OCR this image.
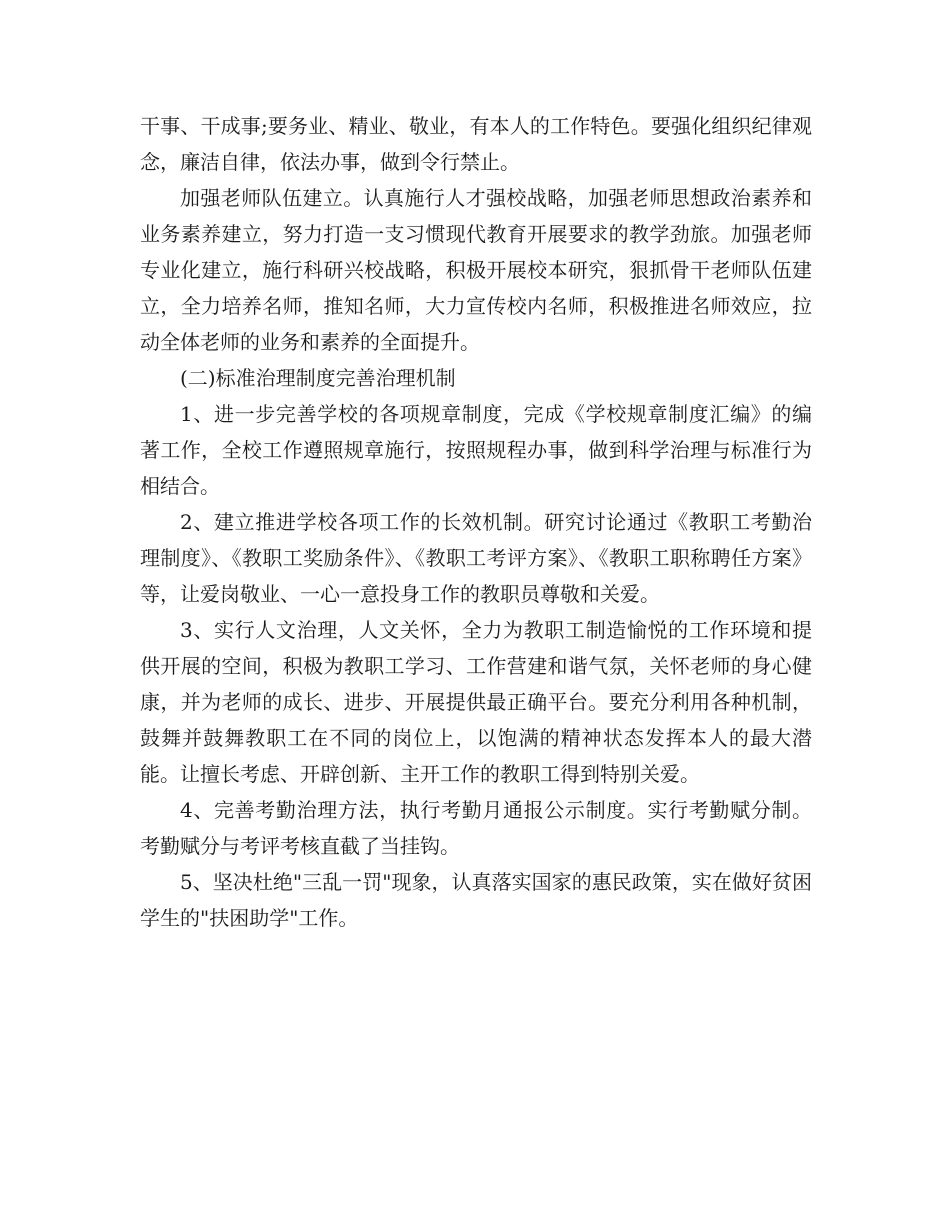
干事、干成事;要务业、精业、敬业，有本人的工作特色。要强化组织纪律观念，廉洁自律，依法办事，做到令行禁止。

加强老师队伍建立。认真施行人才强校战略，加强老师思想政治素养和业务素养建立，努力打造一支习惯现代教育开展要求的教学劲旅。加强老师专业化建立，施行科研兴校战略，积极开展校本研究，狠抓骨干老师队伍建立，全力培养名师，推知名师，大力宣传校内名师，积极推进名师效应，拉动全体老师的业务和素养的全面提升。

(二)标准治理制度完善治理机制

1、进一步完善学校的各项规章制度，完成《学校规章制度汇编》的编著工作，全校工作遵照规章施行，按照规程办事，做到科学治理与标准行为相结合。

2、建立推进学校各项工作的长效机制。研究讨论通过《教职工考勤治理制度》、《教职工奖励条件》、《教职工考评方案》、《教职工职称聘任方案》等，让爱岗敬业、一心一意投身工作的教职员尊敬和关爱。

3、实行人文治理，人文关怀，全力为教职工制造愉悦的工作环境和提供开展的空间，积极为教职工学习、工作营建和谐气氛，关怀老师的身心健康，并为老师的成长、进步、开展提供最正确平台。要充分利用各种机制，鼓舞并鼓舞教职工在不同的岗位上，以饱满的精神状态发挥本人的最大潜能。让擅长考虑、开辟创新、主开工作的教职工得到特别关爱。

4、完善考勤治理方法，执行考勤月通报公示制度。实行考勤赋分制。考勤赋分与考评考核直截了当挂钩。

5、坚决杜绝"三乱一罚"现象，认真落实国家的惠民政策，实在做好贫困学生的"扶困助学"工作。
